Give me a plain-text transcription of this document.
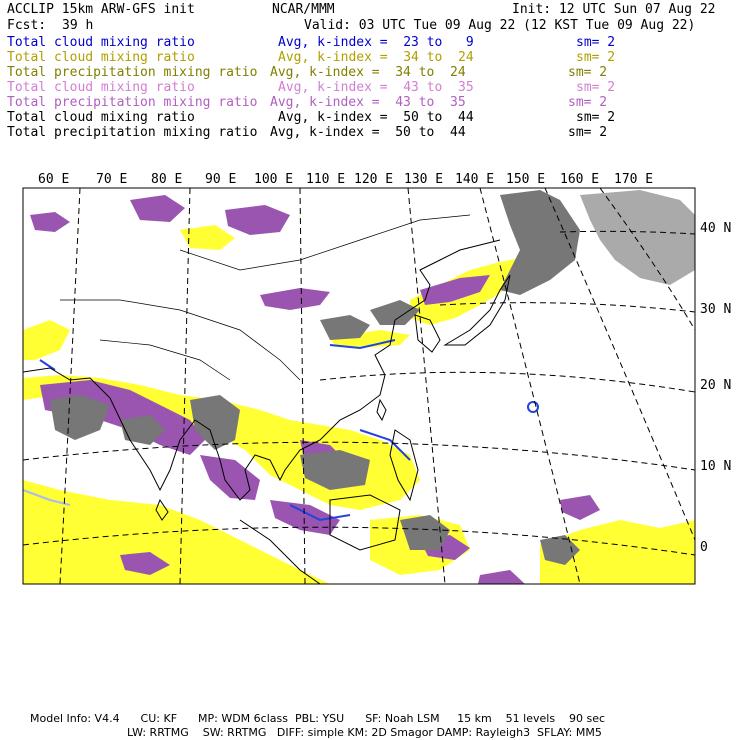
ACCLIP 15km ARW-GFS init	NCAR/MMM	Init: 12 UTC Sun 07 Aug 22
Fcst: 39 h	Valid: 03 UTC Tue 09 Aug 22 (12 KST Tue 09 Aug 22)
Total cloud mixing ratio	Avg, k-index =  23 to   9	sm= 2
Total cloud mixing ratio	Avg, k-index =  34 to  24	sm= 2
Total precipitation mixing ratio Avg, k-index =  34 to  24	sm= 2
Total cloud mixing ratio	Avg, k-index =  43 to  35	sm= 2
Total precipitation mixing ratio Avg, k-index =  43 to  35	sm= 2
Total cloud mixing ratio	Avg, k-index =  50 to  44	sm= 2
Total precipitation mixing ratio Avg, k-index =  50 to  44	sm= 2
60 E 70 E 80 E 90 E 100 E 110 E 120 E 130 E 140 E 150 E 160 E 170 E
40 N
30 N
20 N
10 N
0
Model Info: V4.4      CU: KF      MP: WDM 6class  PBL: YSU      SF: Noah LSM     15 km    51 levels    90 sec
LW: RRTMG    SW: RRTMG   DIFF: simple KM: 2D Smagor DAMP: Rayleigh3  SFLAY: MM5
